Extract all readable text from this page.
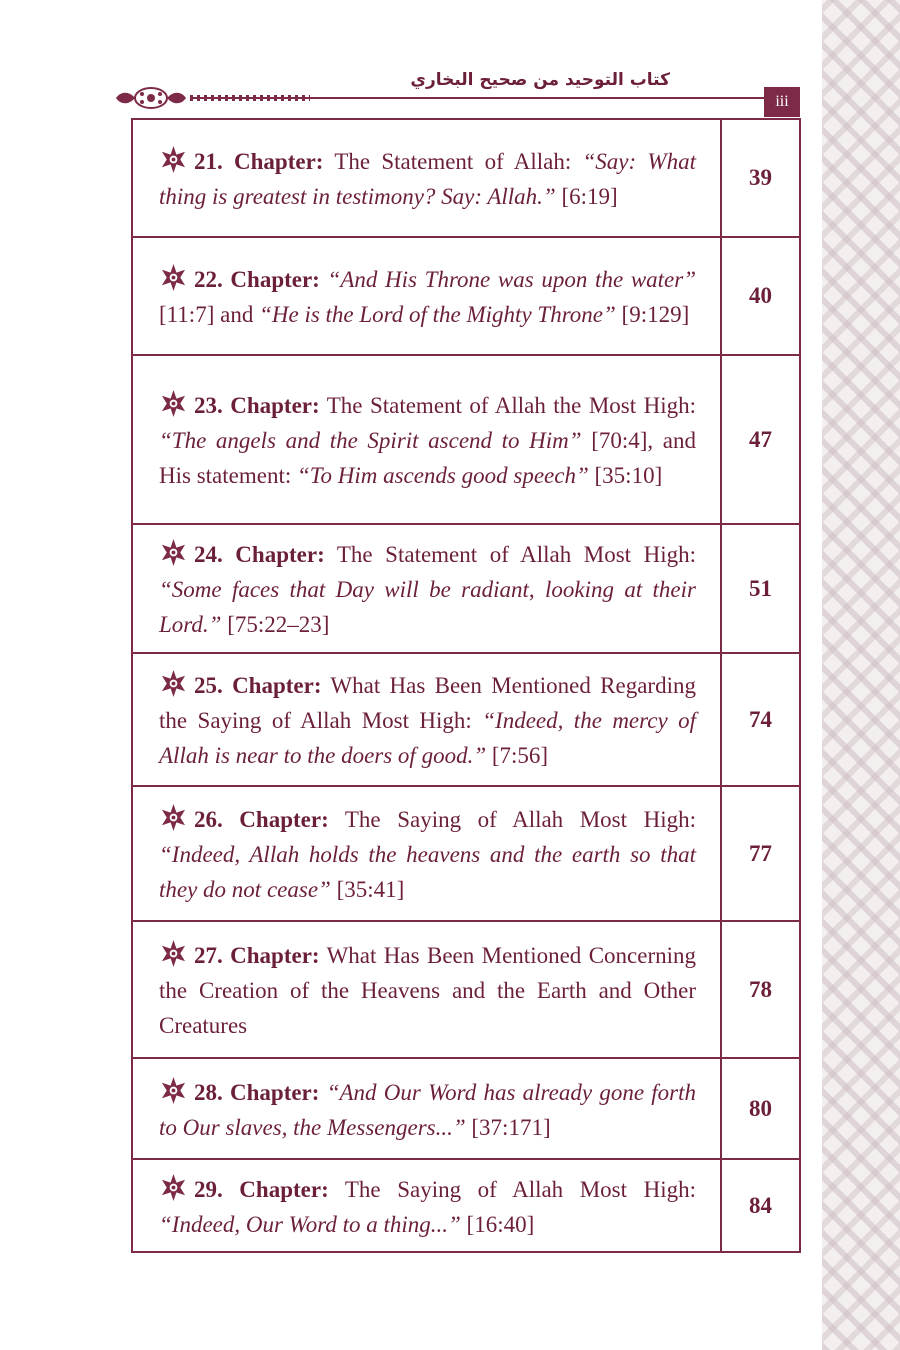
كتاب التوحيد من صحيح البخاري
iii
21. Chapter: The Statement of Allah: “Say: What thing is greatest in testimony? Say: Allah.” [6:19]	39
22. Chapter: “And His Throne was upon the water” [11:7] and “He is the Lord of the Mighty Throne” [9:129]	40
23. Chapter: The Statement of Allah the Most High: “The angels and the Spirit ascend to Him” [70:4], and His statement: “To Him ascends good speech” [35:10]	47
24. Chapter: The Statement of Allah Most High: “Some faces that Day will be radiant, looking at their Lord.” [75:22–23]	51
25. Chapter: What Has Been Mentioned Regarding the Saying of Allah Most High: “Indeed, the mercy of Allah is near to the doers of good.” [7:56]	74
26. Chapter: The Saying of Allah Most High: “Indeed, Allah holds the heavens and the earth so that they do not cease” [35:41]	77
27. Chapter: What Has Been Mentioned Concerning the Creation of the Heavens and the Earth and Other Creatures	78
28. Chapter: “And Our Word has already gone forth to Our slaves, the Messengers...” [37:171]	80
29. Chapter: The Saying of Allah Most High: “Indeed, Our Word to a thing...” [16:40]	84
